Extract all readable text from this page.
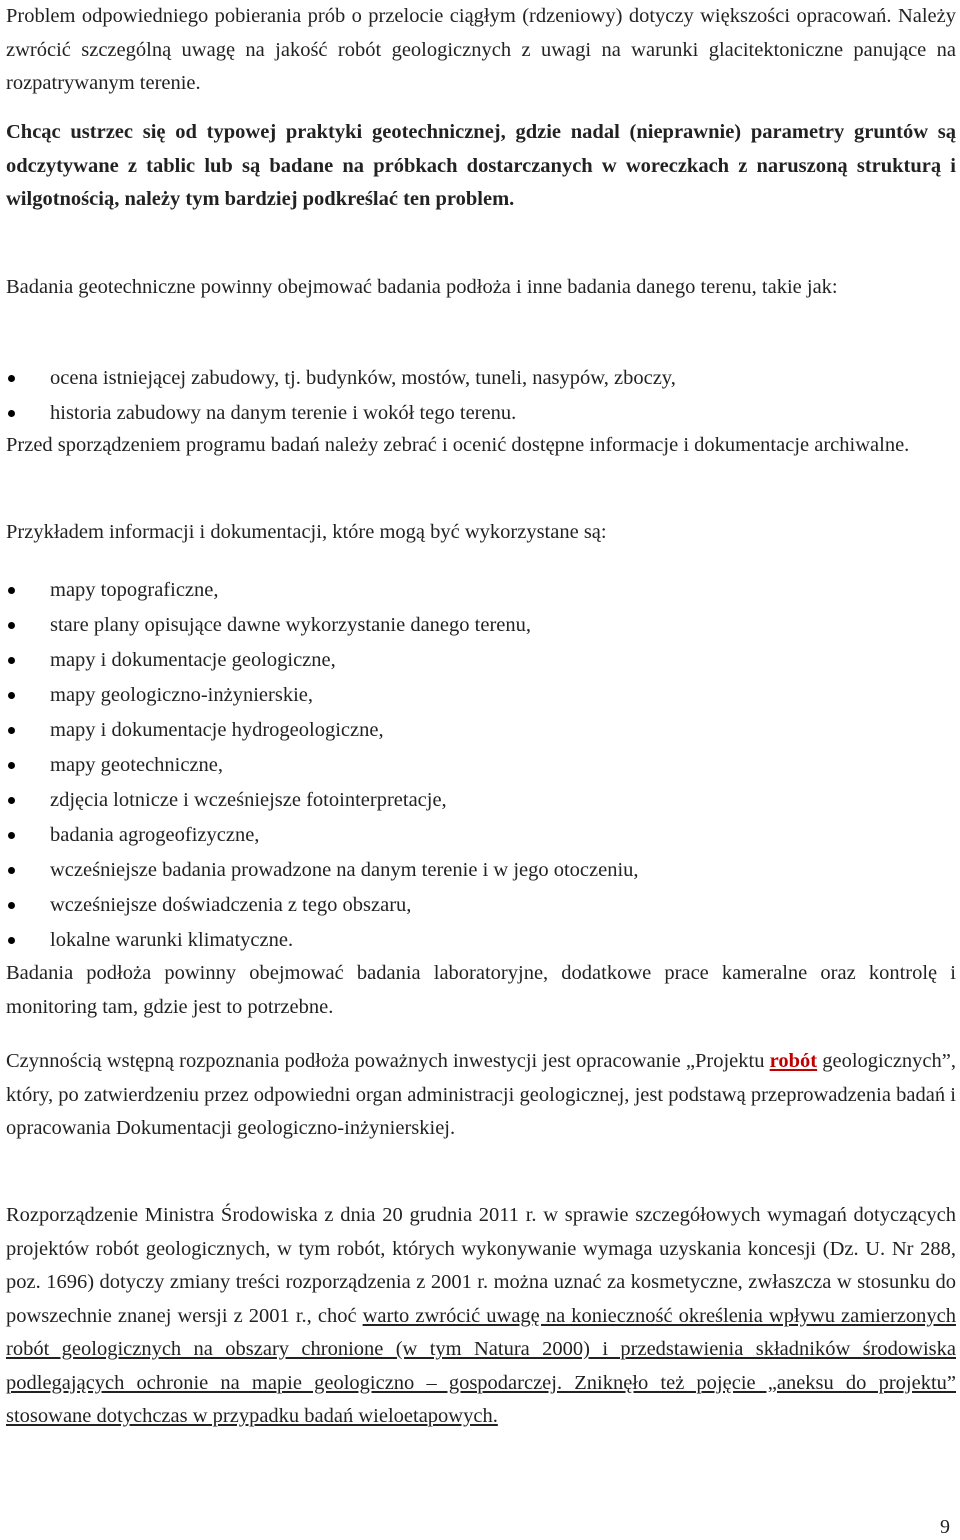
Problem odpowiedniego pobierania prób o przelocie ciągłym (rdzeniowy) dotyczy większości opracowań. Należy zwrócić szczególną uwagę na jakość robót geologicznych z uwagi na warunki glacitektoniczne panujące na rozpatrywanym terenie.

Chcąc ustrzec się od typowej praktyki geotechnicznej, gdzie nadal (nieprawnie) parametry gruntów są odczytywane z tablic lub są badane na próbkach dostarczanych w woreczkach z naruszoną strukturą i wilgotnością, należy tym bardziej podkreślać ten problem.

Badania geotechniczne powinny obejmować badania podłoża i inne badania danego terenu, takie jak:

ocena istniejącej zabudowy, tj. budynków, mostów, tuneli, nasypów, zboczy,
historia zabudowy na danym terenie i wokół tego terenu.

Przed sporządzeniem programu badań należy zebrać i ocenić dostępne informacje i dokumentacje archiwalne.

Przykładem informacji i dokumentacji, które mogą być wykorzystane są:

mapy topograficzne,
stare plany opisujące dawne wykorzystanie danego terenu,
mapy i dokumentacje geologiczne,
mapy geologiczno-inżynierskie,
mapy i dokumentacje hydrogeologiczne,
mapy geotechniczne,
zdjęcia lotnicze i wcześniejsze fotointerpretacje,
badania agrogeofizyczne,
wcześniejsze badania prowadzone na danym terenie i w jego otoczeniu,
wcześniejsze doświadczenia z tego obszaru,
lokalne warunki klimatyczne.

Badania podłoża powinny obejmować badania laboratoryjne, dodatkowe prace kameralne oraz kontrolę i monitoring tam, gdzie jest to potrzebne.

Czynnością wstępną rozpoznania podłoża poważnych inwestycji jest opracowanie „Projektu robót geologicznych”, który, po zatwierdzeniu przez odpowiedni organ administracji geologicznej, jest podstawą przeprowadzenia badań i opracowania Dokumentacji geologiczno-inżynierskiej.

Rozporządzenie Ministra Środowiska z dnia 20 grudnia 2011 r. w sprawie szczegółowych wymagań dotyczących projektów robót geologicznych, w tym robót, których wykonywanie wymaga uzyskania koncesji (Dz. U. Nr 288, poz. 1696) dotyczy zmiany treści rozporządzenia z 2001 r. można uznać za kosmetyczne, zwłaszcza w stosunku do powszechnie znanej wersji z 2001 r., choć warto zwrócić uwagę na konieczność określenia wpływu zamierzonych robót geologicznych na obszary chronione (w tym Natura 2000) i przedstawienia składników środowiska podlegających ochronie na mapie geologiczno – gospodarczej. Zniknęło też pojęcie „aneksu do projektu” stosowane dotychczas w przypadku badań wieloetapowych.

9
